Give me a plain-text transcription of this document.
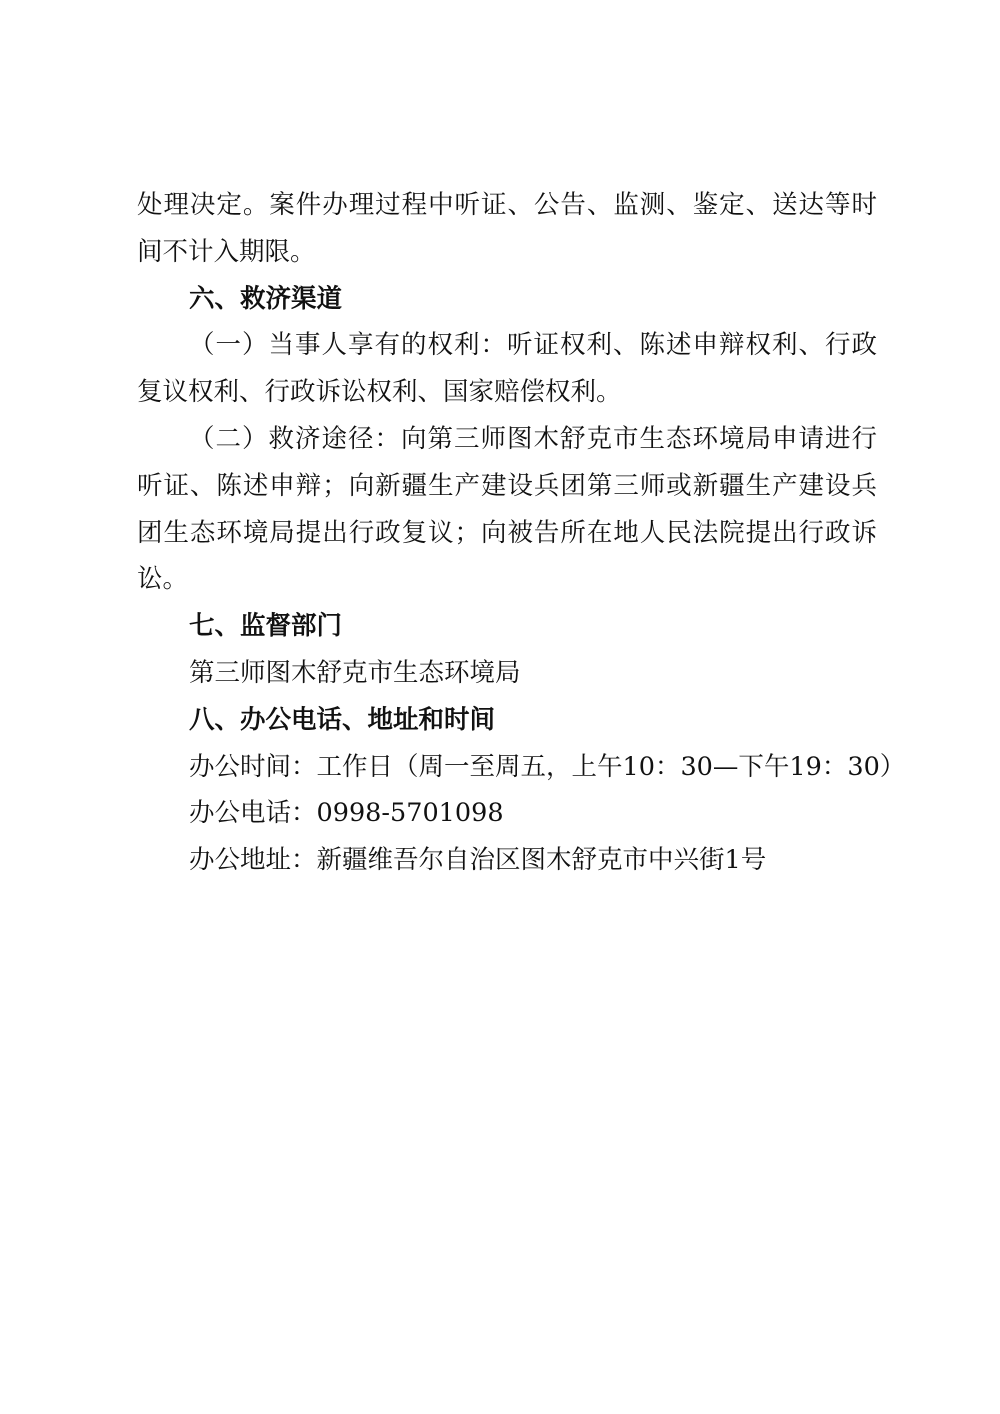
处理决定。案件办理过程中听证、公告、监测、鉴定、送达等时

间不计入期限。

六、救济渠道

（一）当事人享有的权利：听证权利、陈述申辩权利、行政

复议权利、行政诉讼权利、国家赔偿权利。

（二）救济途径：向第三师图木舒克市生态环境局申请进行

听证、陈述申辩；向新疆生产建设兵团第三师或新疆生产建设兵

团生态环境局提出行政复议；向被告所在地人民法院提出行政诉

讼。

七、监督部门

第三师图木舒克市生态环境局

八、办公电话、地址和时间

办公时间：工作日（周一至周五，上午10：30—下午19：30）

办公电话：0998-5701098

办公地址：新疆维吾尔自治区图木舒克市中兴街1号
